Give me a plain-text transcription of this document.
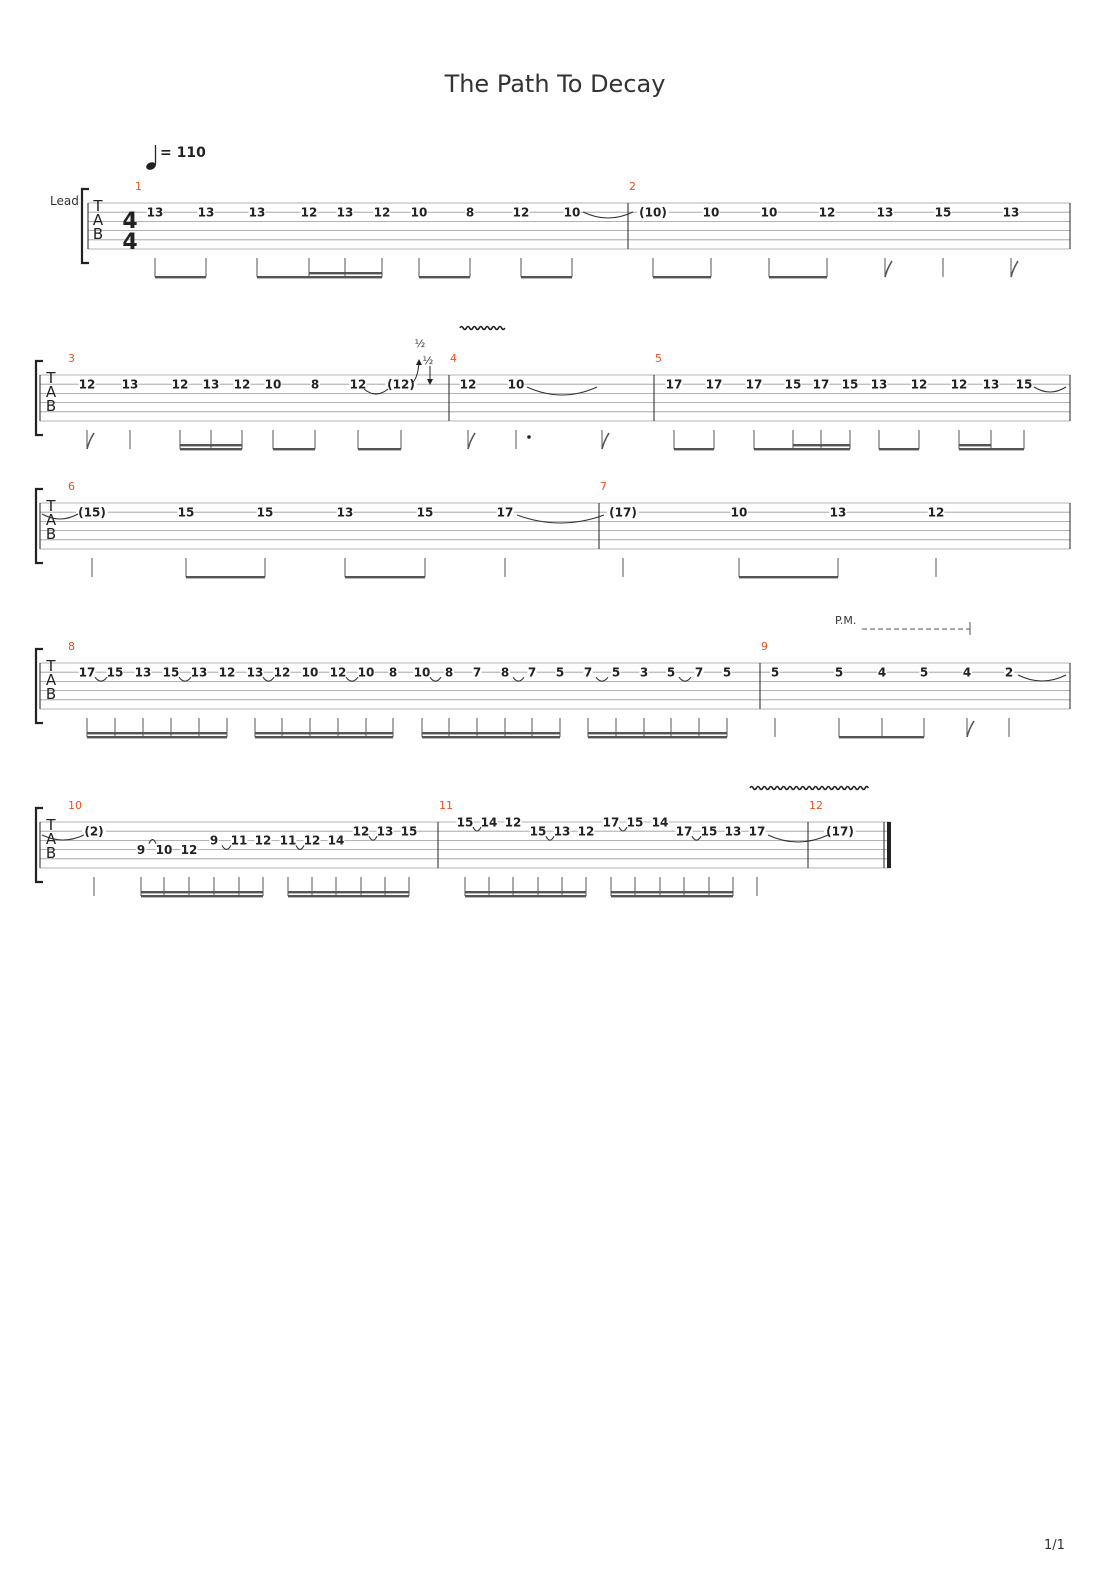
The Path To Decay
= 110
Lead T
A
B
T
A
B
T
A
B
T
A
B
T
A
B
4
4
1	2
3	4	5
6	7
8	9
10	11	12
13	13	13	12 13 12 10	8	12	10	(10)	10	10	12	13	15	13
12 13	12 13 12 10 8	12 (12)	12	10	17 17 17 15 17 15 13 12 12 13 15
(15)	15	15	13	15	17	(17)	10	13	12
17 15 13 15 13 12 13 12 10 12 10 8 10 8 7 8 7 5 7 5 3 5 7 5	5	5	4	5	4	2
(2)
9 10 12
9 11 12 11 12 14
12 13 15
15 14 12
15 13 12
17 15 14
17 15 13 17	(17)
½
½
P.M.
1/1
